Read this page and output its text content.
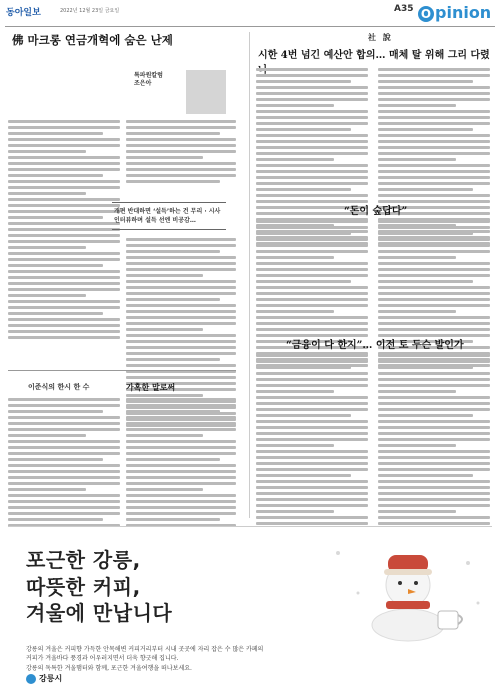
동아일보	2022년 12월 23일 금요일	A35 O pinion
佛 마크롱 연금개혁에 숨은 난제
특파원칼럼
조은아
개편 반대하면 ‘설득’하는 건 무리 · 시사 인터뷰하며 설득 선엔 비공감…
이준식의 한시 한 수	가혹한 말로써
社 說
시한 4번 넘긴 예산안 합의… 매체 탈 위해 그리 다렸
“돈이 숲답다”
“금융이 다 한지”… 이전 토 두슨 발인가
포근한 강릉,
따뜻한 커피,
겨울에 만납니다
강릉의 겨울은 커피향 가득한 안목해변 커피거리부터 시내 곳곳에 자리 잡은 수 많은 카페의
커피가 겨울바다 풍경과 어우러지면서 더욱 향긋해 집니다.
강릉의 독특한 겨울햄터와 함께, 포근한 겨울여행을 떠나보세요.
강릉시
